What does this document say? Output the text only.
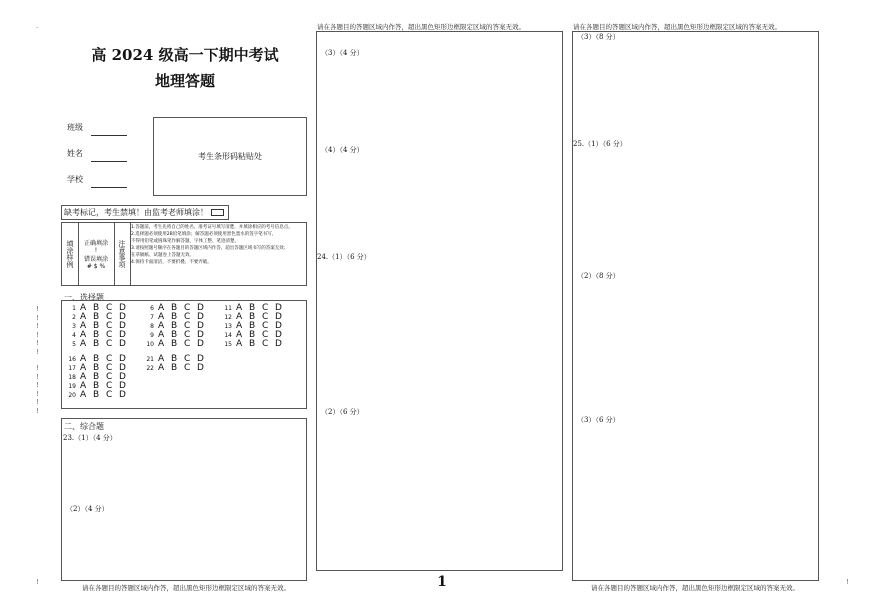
.
!	!
!
!
!
!
!
!
!
!
!
!
!
!
高 2024 级高一下期中考试
地理答题
班级
姓名
学校
考生条形码粘贴处
缺考标记，考生禁填！由监考老师填涂！
填涂样例 正确填涂
!
错误填涂
# $ % 注意事项
1.答题前，考生先将自己的姓名、准考证号填写清楚，并填涂相应的考号信息点。
2.选择题必须使用2B铅笔填涂；解答题必须使用黑色墨水的签字笔书写，
不得用铅笔或圆珠笔作解答题，字体工整、笔迹清楚。
3.请按照题号顺序在各题目的答题区域内作答，超出答题区域书写的答案无效；
在草稿纸、试题卷上答题无效。
4.保持卡面清洁，不要折叠、不要弄破。
一、选择题
1 A B C D
2 A B C D
3 A B C D
4 A B C D
5 A B C D
6 A B C D
7 A B C D
8 A B C D
9 A B C D
10 A B C D
11 A B C D
12 A B C D
13 A B C D
14 A B C D
15 A B C D
16 A B C D
17 A B C D
18 A B C D
19 A B C D
20 A B C D
21 A B C D
22 A B C D
二、综合题
23.（1）（4 分）
（2）（4 分）
请在各题目的答题区域内作答，超出黑色矩形边框限定区域的答案无效。
请在各题目的答题区域内作答，超出黑色矩形边框限定区域的答案无效。
（3）（4 分）
（4）（4 分）
24.（1）（6 分）
（2）（6 分）
1
请在各题目的答题区域内作答，超出黑色矩形边框限定区域的答案无效。
（3）（8 分）
25.（1）（6 分）
（2）（8 分）
（3）（6 分）
请在各题目的答题区域内作答，超出黑色矩形边框限定区域的答案无效。
